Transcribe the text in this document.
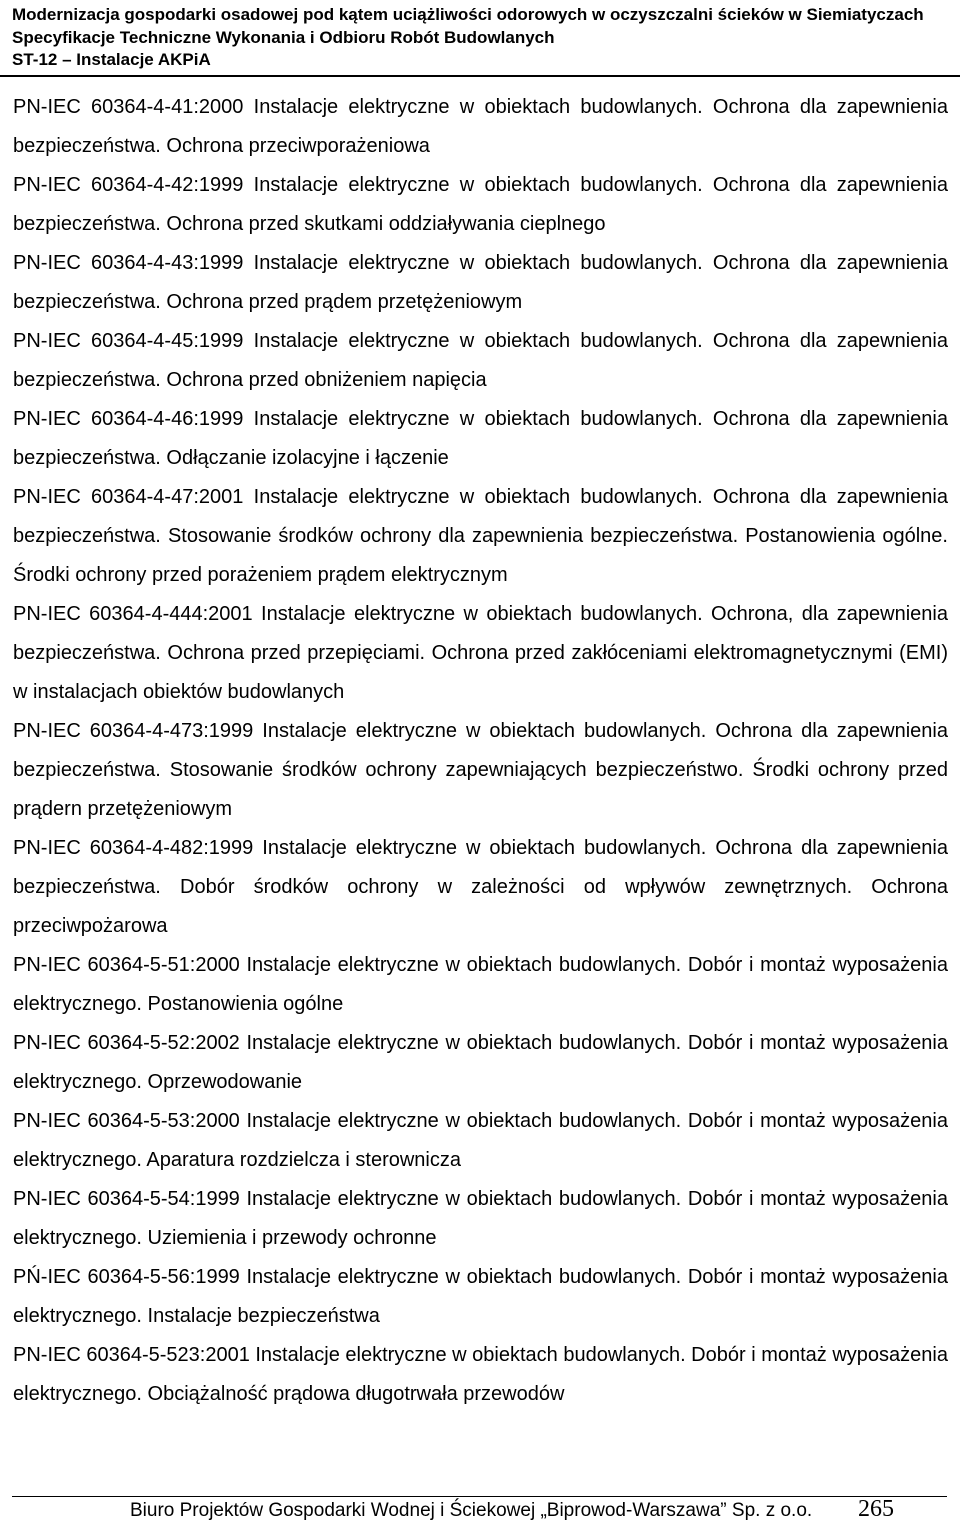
Modernizacja gospodarki osadowej pod kątem uciążliwości odorowych w oczyszczalni ścieków w Siemiatyczach
Specyfikacje Techniczne Wykonania i Odbioru Robót Budowlanych
ST-12 – Instalacje AKPiA

PN-IEC 60364-4-41:2000 Instalacje elektryczne w obiektach budowlanych. Ochrona dla zapewnienia bezpieczeństwa. Ochrona przeciwporażeniowa

PN-IEC 60364-4-42:1999 Instalacje elektryczne w obiektach budowlanych. Ochrona dla zapewnienia bezpieczeństwa. Ochrona przed skutkami oddziaływania cieplnego

PN-IEC 60364-4-43:1999 Instalacje elektryczne w obiektach budowlanych. Ochrona dla zapewnienia bezpieczeństwa. Ochrona przed prądem przetężeniowym

PN-IEC 60364-4-45:1999 Instalacje elektryczne w obiektach budowlanych. Ochrona dla zapewnienia bezpieczeństwa. Ochrona przed obniżeniem napięcia

PN-IEC 60364-4-46:1999 Instalacje elektryczne w obiektach budowlanych. Ochrona dla zapewnienia bezpieczeństwa. Odłączanie izolacyjne i łączenie

PN-IEC 60364-4-47:2001 Instalacje elektryczne w obiektach budowlanych. Ochrona dla zapewnienia bezpieczeństwa. Stosowanie środków ochrony dla zapewnienia bezpieczeństwa. Postanowienia ogólne. Środki ochrony przed porażeniem prądem elektrycznym

PN-IEC 60364-4-444:2001 Instalacje elektryczne w obiektach budowlanych. Ochrona, dla zapewnienia bezpieczeństwa. Ochrona przed przepięciami. Ochrona przed zakłóceniami elektromagnetycznymi (EMI) w instalacjach obiektów budowlanych

PN-IEC 60364-4-473:1999 Instalacje elektryczne w obiektach budowlanych. Ochrona dla zapewnienia bezpieczeństwa. Stosowanie środków ochrony zapewniających bezpieczeństwo. Środki ochrony przed prądern przetężeniowym

PN-IEC 60364-4-482:1999 Instalacje elektryczne w obiektach budowlanych. Ochrona dla zapewnienia bezpieczeństwa. Dobór środków ochrony w zależności od wpływów zewnętrznych. Ochrona przeciwpożarowa

PN-IEC 60364-5-51:2000 Instalacje elektryczne w obiektach budowlanych. Dobór i montaż wyposażenia elektrycznego. Postanowienia ogólne

PN-IEC 60364-5-52:2002 Instalacje elektryczne w obiektach budowlanych. Dobór i montaż wyposażenia elektrycznego. Oprzewodowanie

PN-IEC 60364-5-53:2000 Instalacje elektryczne w obiektach budowlanych. Dobór i montaż wyposażenia elektrycznego. Aparatura rozdzielcza i sterownicza

PN-IEC 60364-5-54:1999 Instalacje elektryczne w obiektach budowlanych. Dobór i montaż wyposażenia elektrycznego. Uziemienia i przewody ochronne

PŃ-IEC 60364-5-56:1999 Instalacje elektryczne w obiektach budowlanych. Dobór i montaż wyposażenia elektrycznego. Instalacje bezpieczeństwa

PN-IEC 60364-5-523:2001 Instalacje elektryczne w obiektach budowlanych. Dobór i montaż wyposażenia elektrycznego. Obciążalność prądowa długotrwała przewodów

Biuro Projektów Gospodarki Wodnej i Ściekowej „Biprowod-Warszawa” Sp. z o.o.	265
